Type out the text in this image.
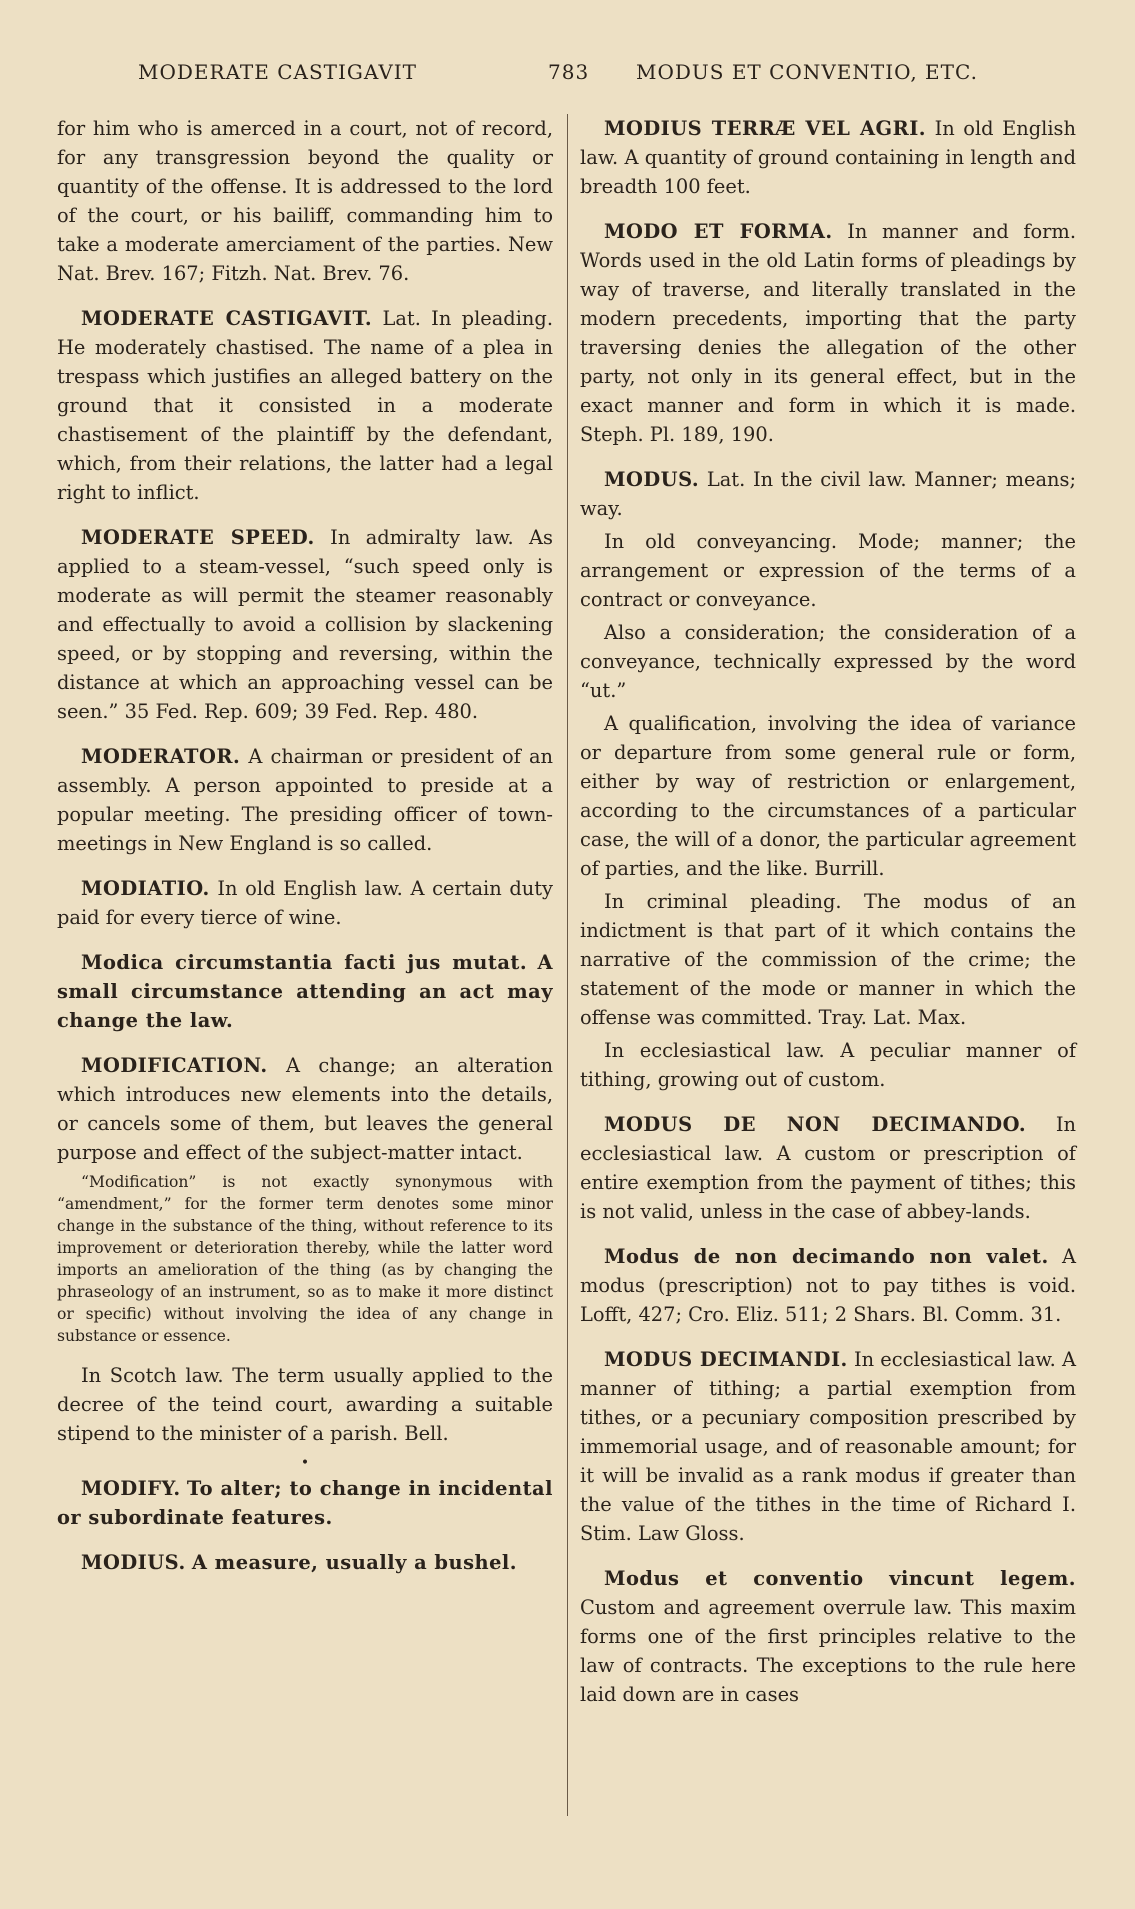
MODERATE CASTIGAVIT	783 MODUS ET CONVENTIO, ETC.

for him who is amerced in a court, not of record, for any transgression beyond the quality or quantity of the offense. It is addressed to the lord of the court, or his bailiff, commanding him to take a moderate amerciament of the parties. New Nat. Brev. 167; Fitzh. Nat. Brev. 76.

MODERATE CASTIGAVIT. Lat. In pleading. He moderately chastised. The name of a plea in trespass which justifies an alleged battery on the ground that it consisted in a moderate chastisement of the plaintiff by the defendant, which, from their relations, the latter had a legal right to inflict.

MODERATE SPEED. In admiralty law. As applied to a steam-vessel, “such speed only is moderate as will permit the steamer reasonably and effectually to avoid a collision by slackening speed, or by stopping and reversing, within the distance at which an approaching vessel can be seen.” 35 Fed. Rep. 609; 39 Fed. Rep. 480.

MODERATOR. A chairman or president of an assembly. A person appointed to preside at a popular meeting. The presiding officer of town-meetings in New England is so called.

MODIATIO. In old English law. A certain duty paid for every tierce of wine.

Modica circumstantia facti jus mutat. A small circumstance attending an act may change the law.

MODIFICATION. A change; an alteration which introduces new elements into the details, or cancels some of them, but leaves the general purpose and effect of the subject-matter intact.

“Modification” is not exactly synonymous with “amendment,” for the former term denotes some minor change in the substance of the thing, without reference to its improvement or deterioration thereby, while the latter word imports an amelioration of the thing (as by changing the phraseology of an instrument, so as to make it more distinct or specific) without involving the idea of any change in substance or essence.

In Scotch law. The term usually applied to the decree of the teind court, awarding a suitable stipend to the minister of a parish. Bell.

•

MODIFY. To alter; to change in incidental or subordinate features.

MODIUS. A measure, usually a bushel.

MODIUS TERRÆ VEL AGRI. In old English law. A quantity of ground containing in length and breadth 100 feet.

MODO ET FORMA. In manner and form. Words used in the old Latin forms of pleadings by way of traverse, and literally translated in the modern precedents, importing that the party traversing denies the allegation of the other party, not only in its general effect, but in the exact manner and form in which it is made. Steph. Pl. 189, 190.

MODUS. Lat. In the civil law. Manner; means; way.

In old conveyancing. Mode; manner; the arrangement or expression of the terms of a contract or conveyance.

Also a consideration; the consideration of a conveyance, technically expressed by the word “ut.”

A qualification, involving the idea of variance or departure from some general rule or form, either by way of restriction or enlargement, according to the circumstances of a particular case, the will of a donor, the particular agreement of parties, and the like. Burrill.

In criminal pleading. The modus of an indictment is that part of it which contains the narrative of the commission of the crime; the statement of the mode or manner in which the offense was committed. Tray. Lat. Max.

In ecclesiastical law. A peculiar manner of tithing, growing out of custom.

MODUS DE NON DECIMANDO. In ecclesiastical law. A custom or prescription of entire exemption from the payment of tithes; this is not valid, unless in the case of abbey-lands.

Modus de non decimando non valet. A modus (prescription) not to pay tithes is void. Lofft, 427; Cro. Eliz. 511; 2 Shars. Bl. Comm. 31.

MODUS DECIMANDI. In ecclesiastical law. A manner of tithing; a partial exemption from tithes, or a pecuniary composition prescribed by immemorial usage, and of reasonable amount; for it will be invalid as a rank modus if greater than the value of the tithes in the time of Richard I. Stim. Law Gloss.

Modus et conventio vincunt legem. Custom and agreement overrule law. This maxim forms one of the first principles relative to the law of contracts. The exceptions to the rule here laid down are in cases
